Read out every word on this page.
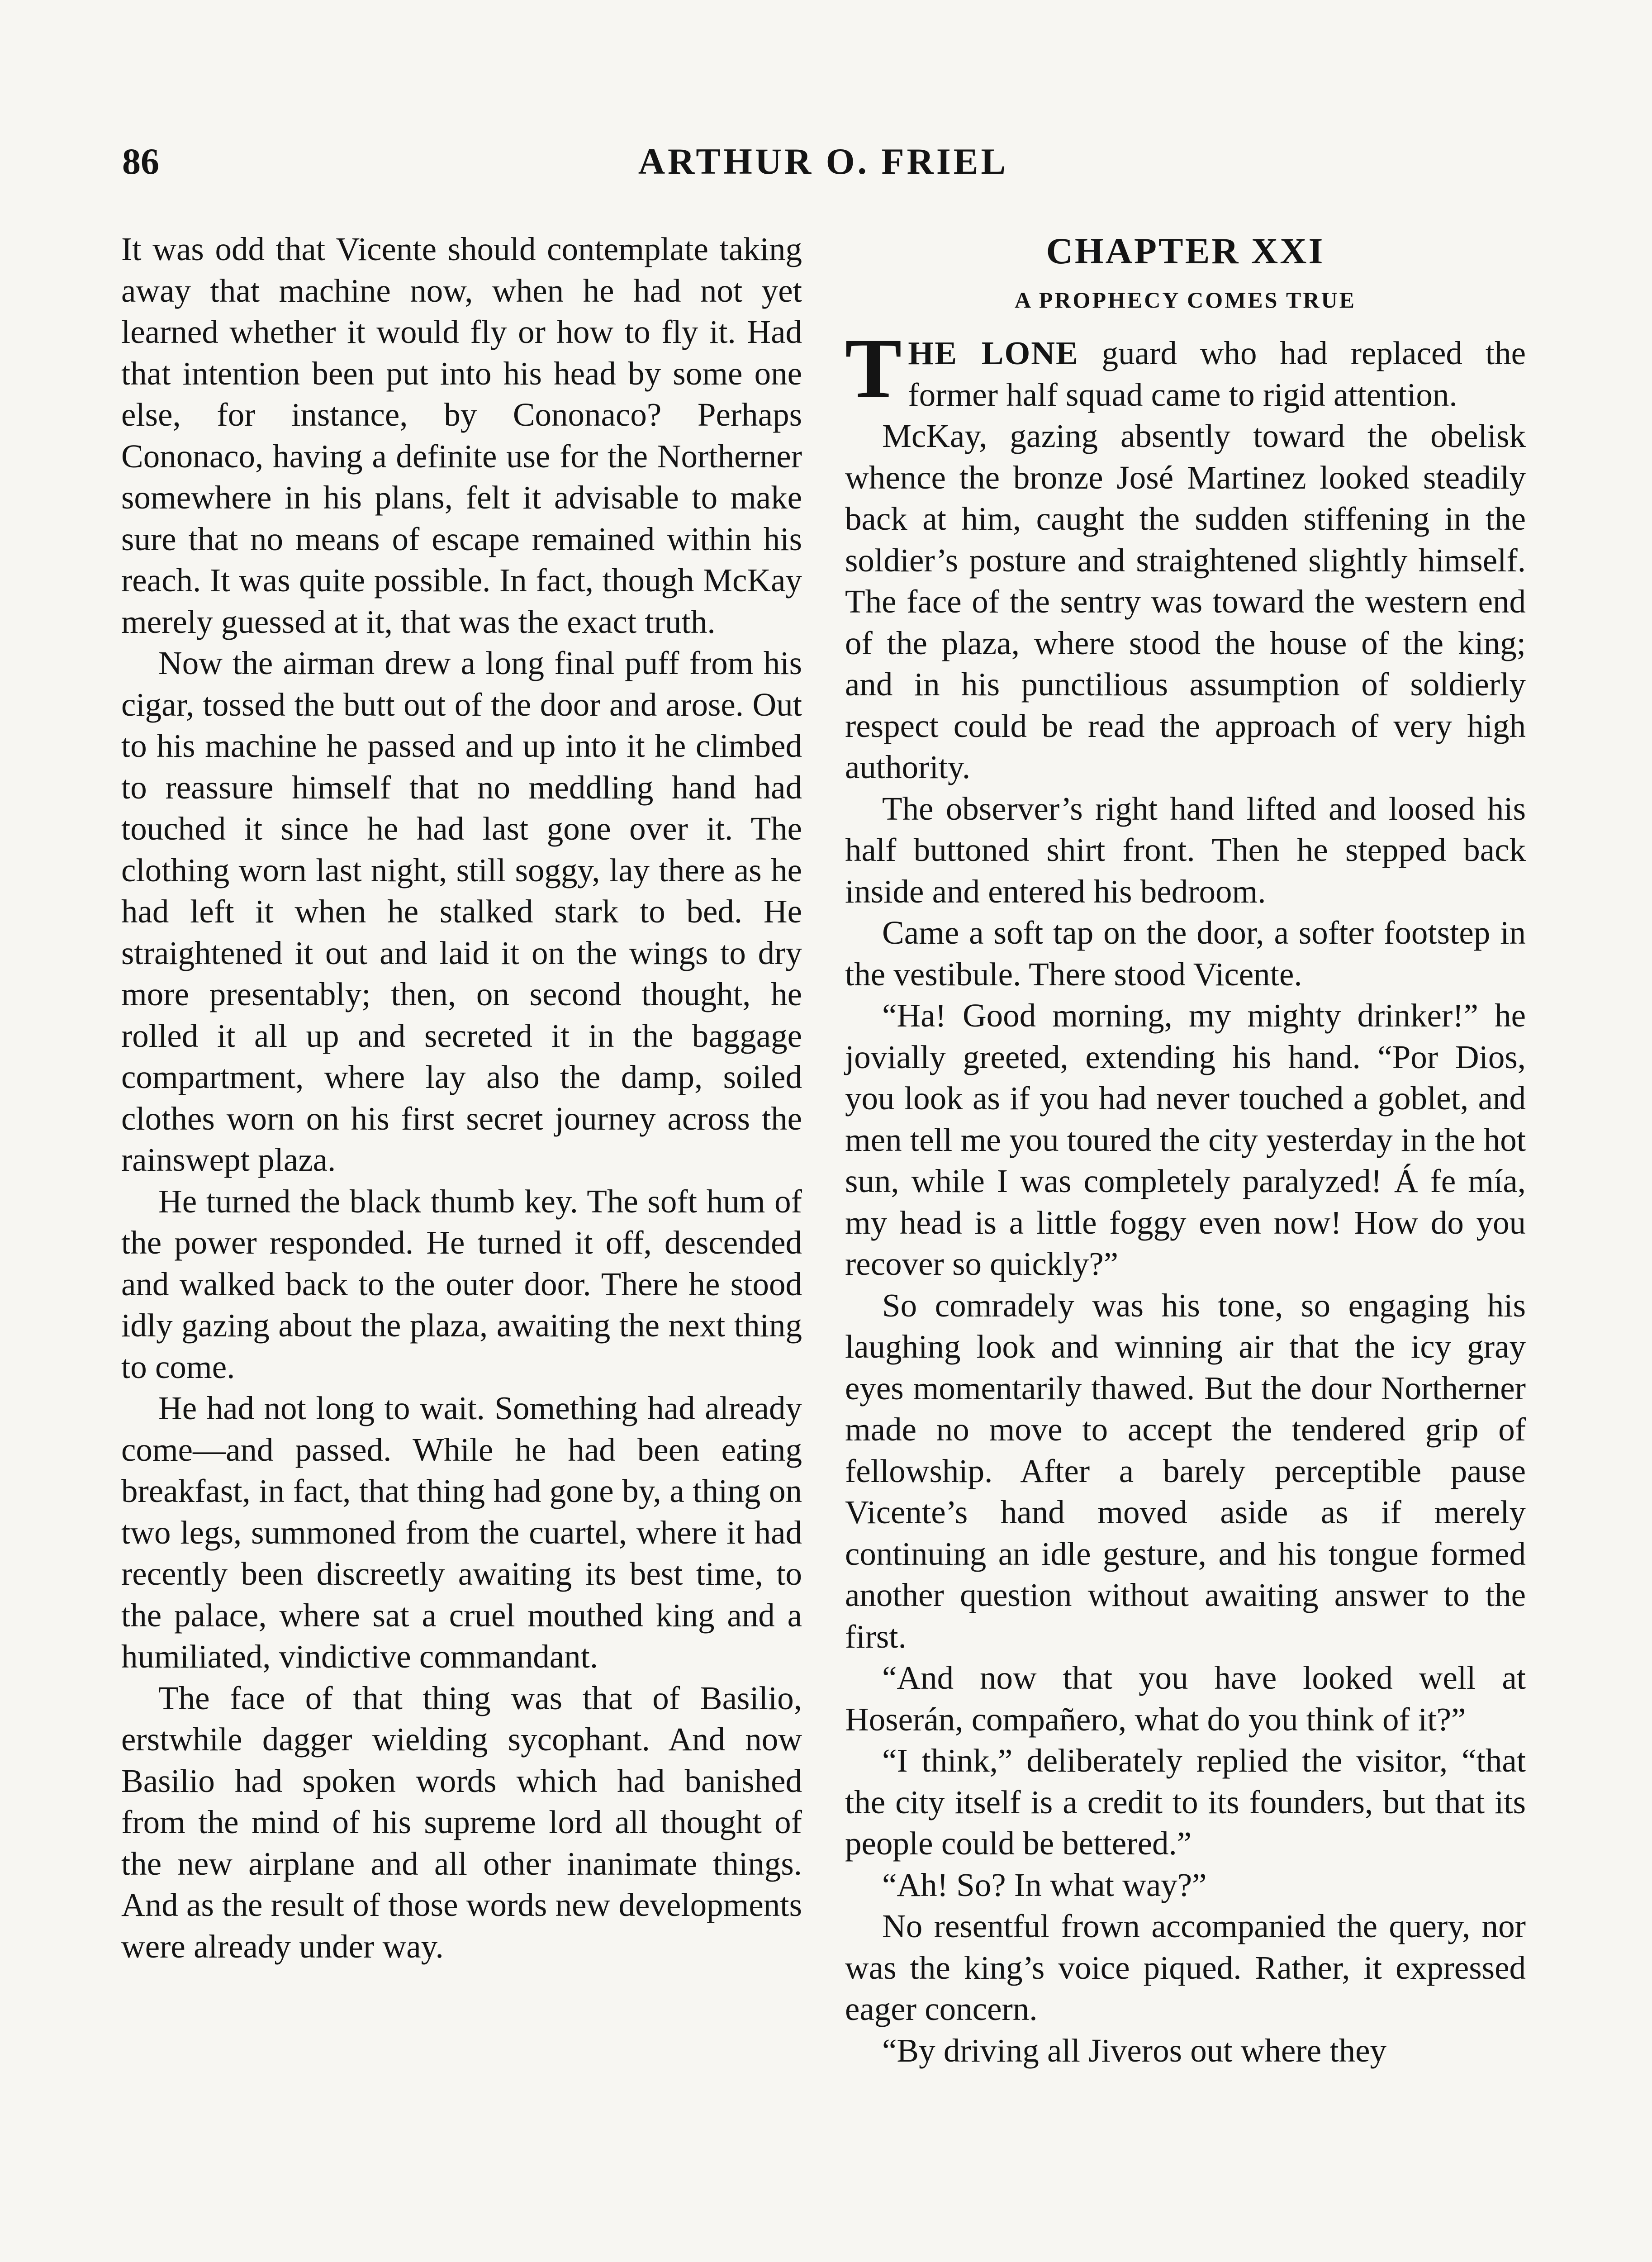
86	ARTHUR O. FRIEL

It was odd that Vicente should contemplate taking away that machine now, when he had not yet learned whether it would fly or how to fly it. Had that intention been put into his head by some one else, for instance, by Cononaco? Perhaps Cononaco, having a definite use for the Northerner somewhere in his plans, felt it advisable to make sure that no means of escape remained within his reach. It was quite possible. In fact, though McKay merely guessed at it, that was the exact truth.

Now the airman drew a long final puff from his cigar, tossed the butt out of the door and arose. Out to his machine he passed and up into it he climbed to reassure himself that no meddling hand had touched it since he had last gone over it. The clothing worn last night, still soggy, lay there as he had left it when he stalked stark to bed. He straightened it out and laid it on the wings to dry more presentably; then, on second thought, he rolled it all up and secreted it in the baggage compartment, where lay also the damp, soiled clothes worn on his first secret journey across the rainswept plaza.

He turned the black thumb key. The soft hum of the power responded. He turned it off, descended and walked back to the outer door. There he stood idly gazing about the plaza, awaiting the next thing to come.

He had not long to wait. Something had already come—and passed. While he had been eating breakfast, in fact, that thing had gone by, a thing on two legs, summoned from the cuartel, where it had recently been discreetly awaiting its best time, to the palace, where sat a cruel mouthed king and a humiliated, vindictive commandant.

The face of that thing was that of Basilio, erstwhile dagger wielding sycophant. And now Basilio had spoken words which had banished from the mind of his supreme lord all thought of the new airplane and all other inanimate things. And as the result of those words new developments were already under way.

CHAPTER XXI
A PROPHECY COMES TRUE

THE LONE guard who had replaced the former half squad came to rigid attention.

McKay, gazing absently toward the obelisk whence the bronze José Martinez looked steadily back at him, caught the sudden stiffening in the soldier’s posture and straightened slightly himself. The face of the sentry was toward the western end of the plaza, where stood the house of the king; and in his punctilious assumption of soldierly respect could be read the approach of very high authority.

The observer’s right hand lifted and loosed his half buttoned shirt front. Then he stepped back inside and entered his bedroom.

Came a soft tap on the door, a softer footstep in the vestibule. There stood Vicente.

“Ha! Good morning, my mighty drinker!” he jovially greeted, extending his hand. “Por Dios, you look as if you had never touched a goblet, and men tell me you toured the city yesterday in the hot sun, while I was completely paralyzed! Á fe mía, my head is a little foggy even now! How do you recover so quickly?”

So comradely was his tone, so engaging his laughing look and winning air that the icy gray eyes momentarily thawed. But the dour Northerner made no move to accept the tendered grip of fellowship. After a barely perceptible pause Vicente’s hand moved aside as if merely continuing an idle gesture, and his tongue formed another question without awaiting answer to the first.

“And now that you have looked well at Hoserán, compañero, what do you think of it?”

“I think,” deliberately replied the visitor, “that the city itself is a credit to its founders, but that its people could be bettered.”

“Ah! So? In what way?”

No resentful frown accompanied the query, nor was the king’s voice piqued. Rather, it expressed eager concern.

“By driving all Jiveros out where they
